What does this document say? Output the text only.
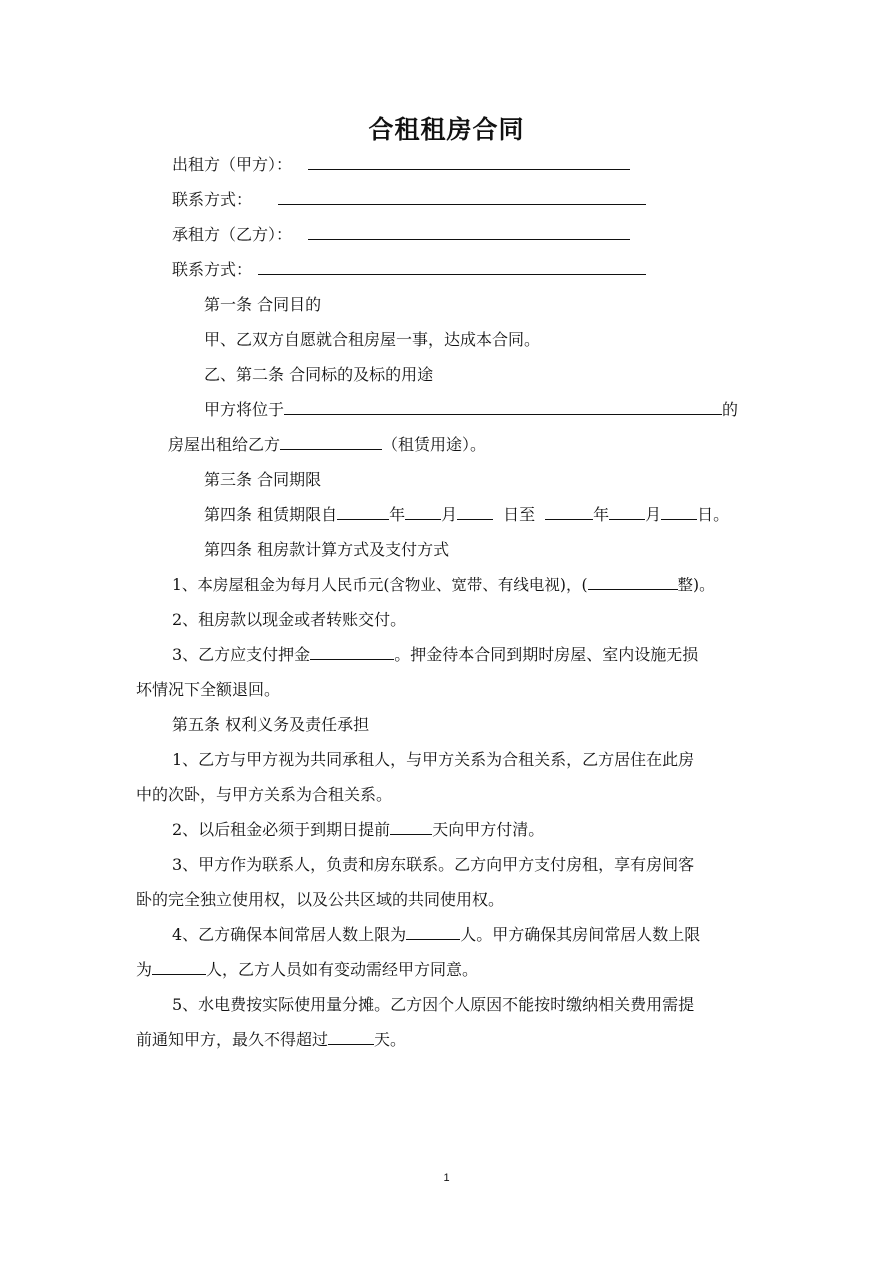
合租租房合同
出租方（甲方）：
联系方式：
承租方（乙方）：
联系方式：
第一条 合同目的
甲、乙双方自愿就合租房屋一事，达成本合同。
乙、第二条 合同标的及标的用途
甲方将位于	的
房屋出租给乙方	（租赁用途）。
第三条 合同期限
第四条 租赁期限自	年 月	日至	年 月 日。
第四条 租房款计算方式及支付方式
1、本房屋租金为每月人民币元(含物业、宽带、有线电视)，(	整)。
2、租房款以现金或者转账交付。
3、乙方应支付押金	。押金待本合同到期时房屋、室内设施无损
坏情况下全额退回。
第五条 权利义务及责任承担
1、乙方与甲方视为共同承租人，与甲方关系为合租关系，乙方居住在此房
中的次卧，与甲方关系为合租关系。
2、以后租金必须于到期日提前	天向甲方付清。
3、甲方作为联系人，负责和房东联系。乙方向甲方支付房租，享有房间客
卧的完全独立使用权，以及公共区域的共同使用权。
4、乙方确保本间常居人数上限为	人。甲方确保其房间常居人数上限
为	人，乙方人员如有变动需经甲方同意。
5、水电费按实际使用量分摊。乙方因个人原因不能按时缴纳相关费用需提
前通知甲方，最久不得超过	天。
1
